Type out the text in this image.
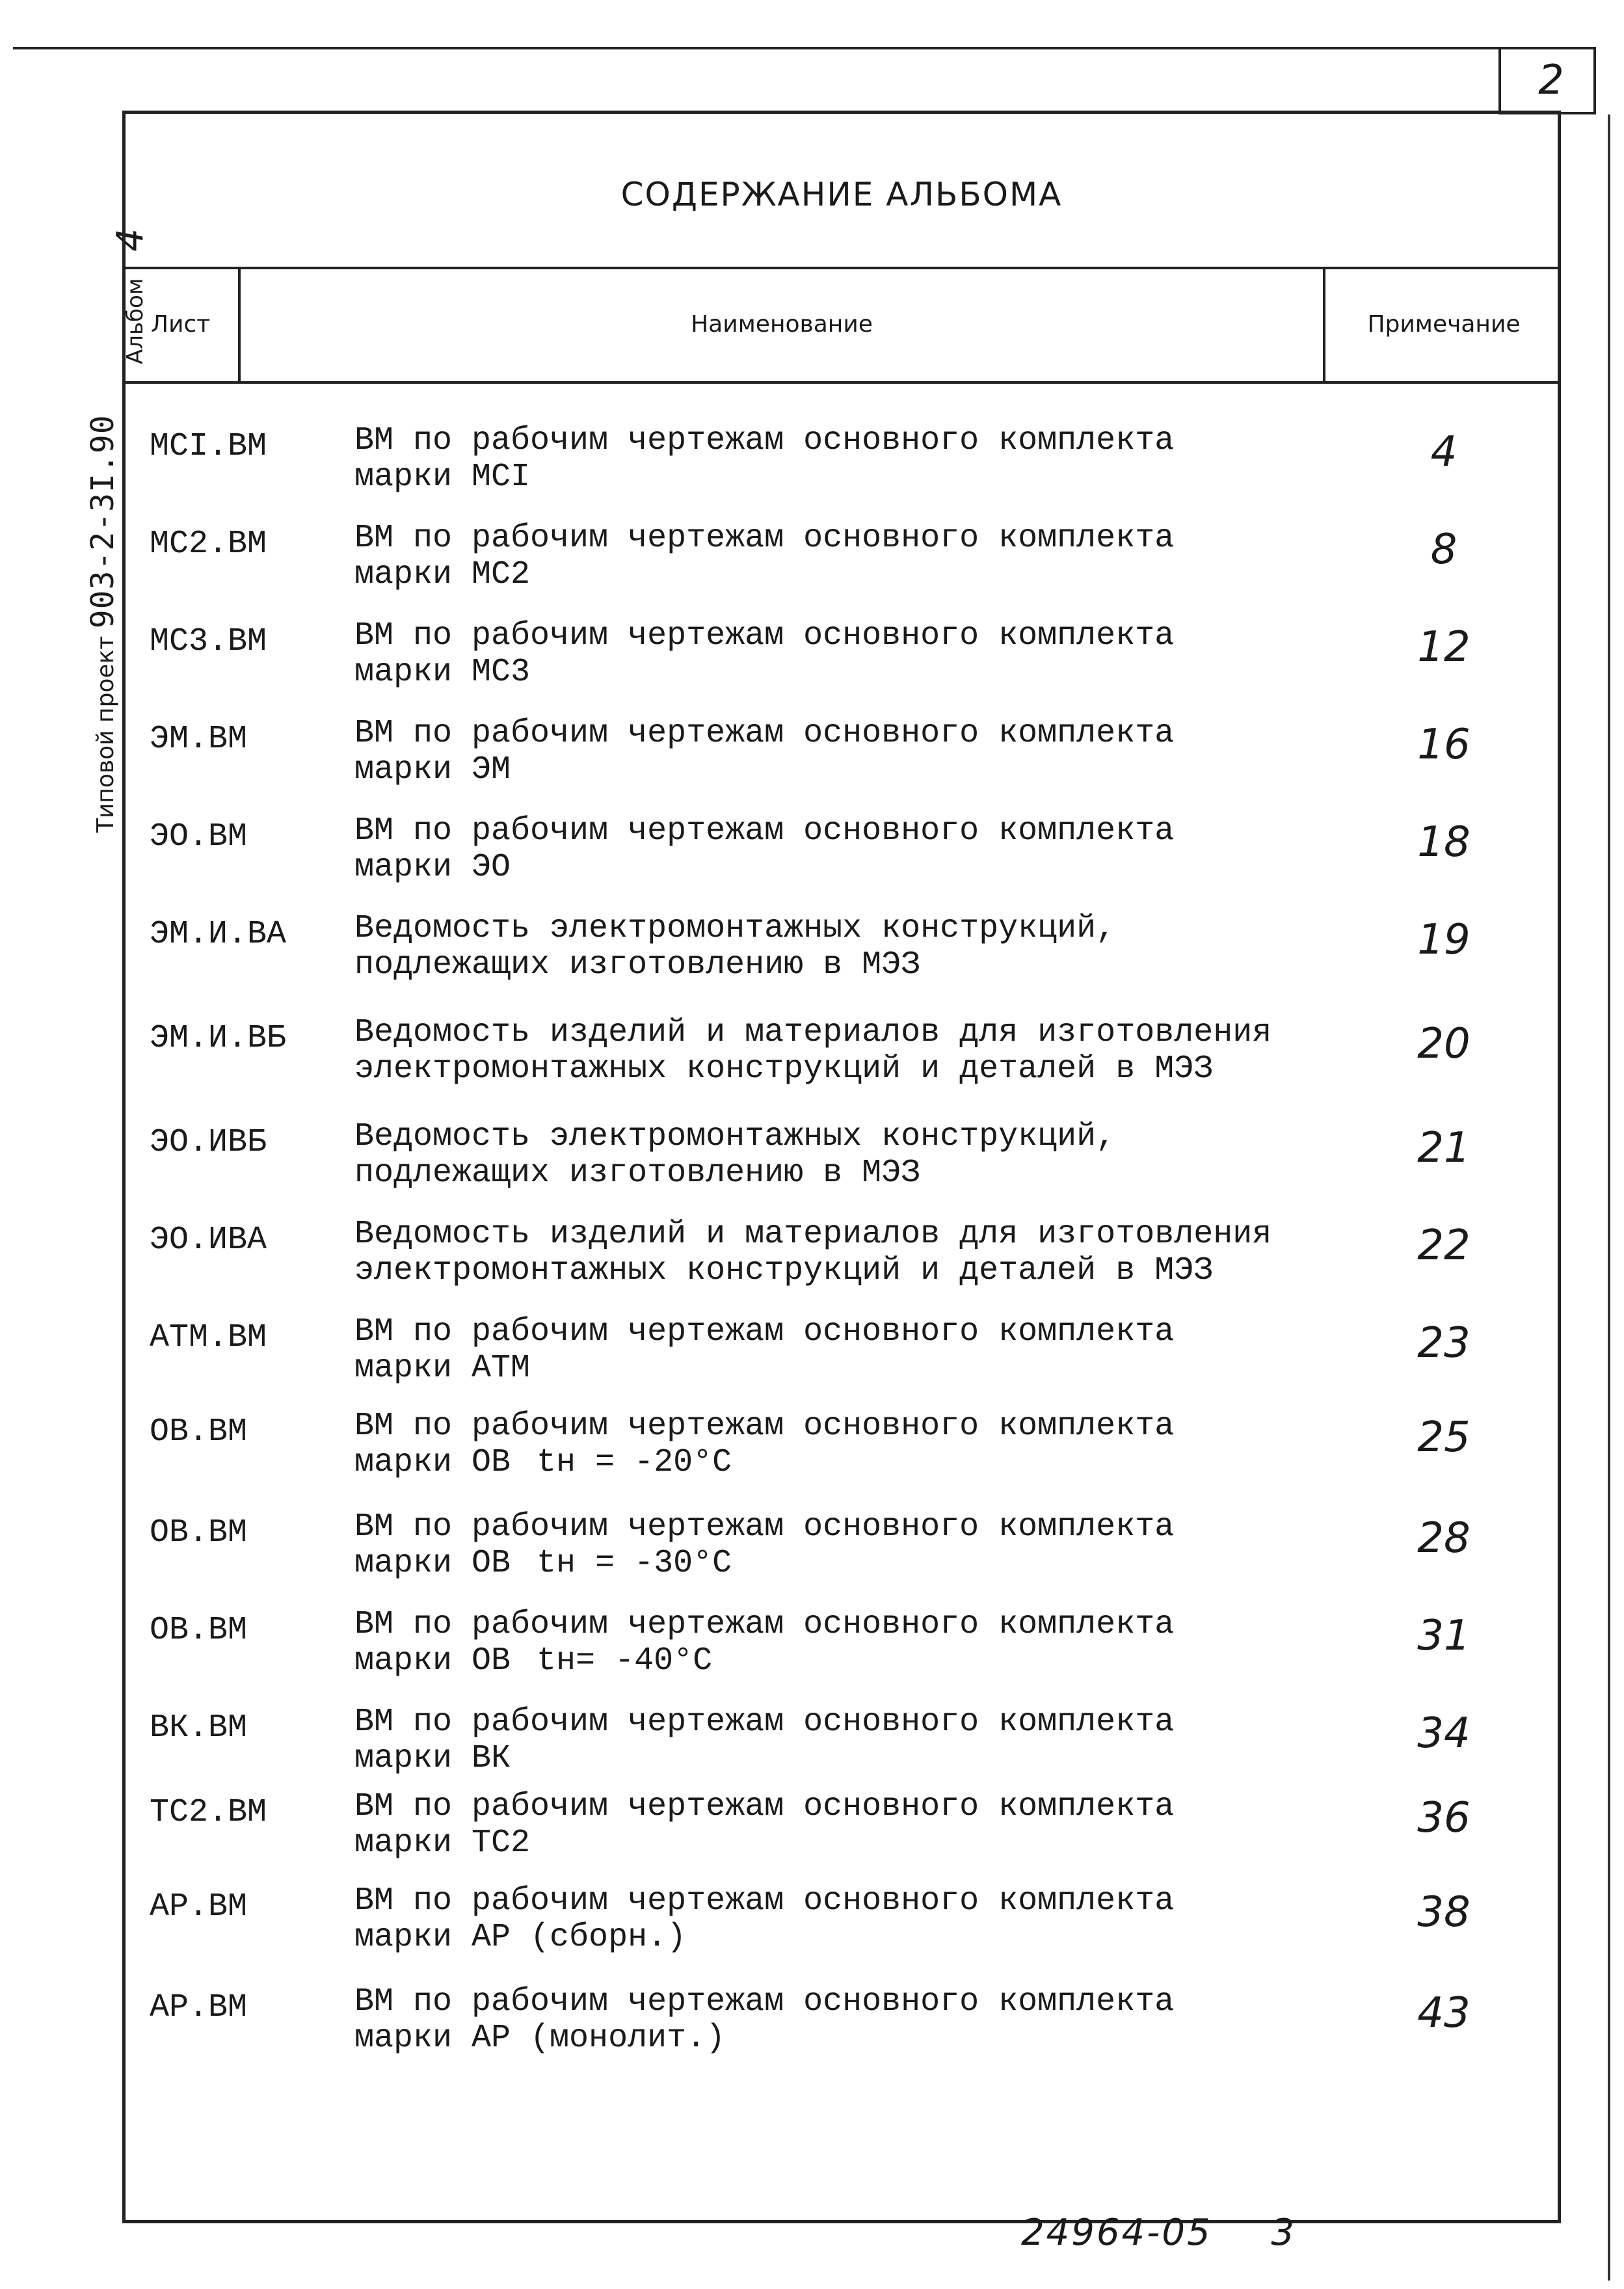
2
Типовой проект 903-2-3I.90
Альбом 4
СОДЕРЖАНИЕ АЛЬБОМА
Лист	Наименование	Примечание
МСI.ВМ	ВМ по рабочим чертежам основного комплекта
марки МСI
4
МС2.ВМ	ВМ по рабочим чертежам основного комплекта
марки МС2
8
МС3.ВМ	ВМ по рабочим чертежам основного комплекта
марки МС3
12
ЭМ.ВМ	ВМ по рабочим чертежам основного комплекта
марки ЭМ
16
ЭО.ВМ	ВМ по рабочим чертежам основного комплекта
марки ЭО
18
ЭМ.И.ВА Ведомость электромонтажных конструкций,
подлежащих изготовлению в МЭЗ
19
ЭМ.И.ВБ Ведомость изделий и материалов для изготовления
электромонтажных конструкций и деталей в МЭЗ
20
ЭО.ИВБ	Ведомость электромонтажных конструкций,
подлежащих изготовлению в МЭЗ
21
ЭО.ИВА	Ведомость изделий и материалов для изготовления
электромонтажных конструкций и деталей в МЭЗ
22
АТМ.ВМ	ВМ по рабочим чертежам основного комплекта
марки АТМ
23
ОВ.ВМ	ВМ по рабочим чертежам основного комплекта
марки ОВ tн = -20°С
25
ОВ.ВМ	ВМ по рабочим чертежам основного комплекта
марки ОВ tн = -30°С
28
ОВ.ВМ	ВМ по рабочим чертежам основного комплекта
марки ОВ tн= -40°С
31
ВК.ВМ	ВМ по рабочим чертежам основного комплекта
марки ВК
34
ТС2.ВМ	ВМ по рабочим чертежам основного комплекта
марки ТС2
36
АР.ВМ	ВМ по рабочим чертежам основного комплекта
марки АР (сборн.)
38
АР.ВМ	ВМ по рабочим чертежам основного комплекта
марки АР (монолит.)
43
24964-05 3
